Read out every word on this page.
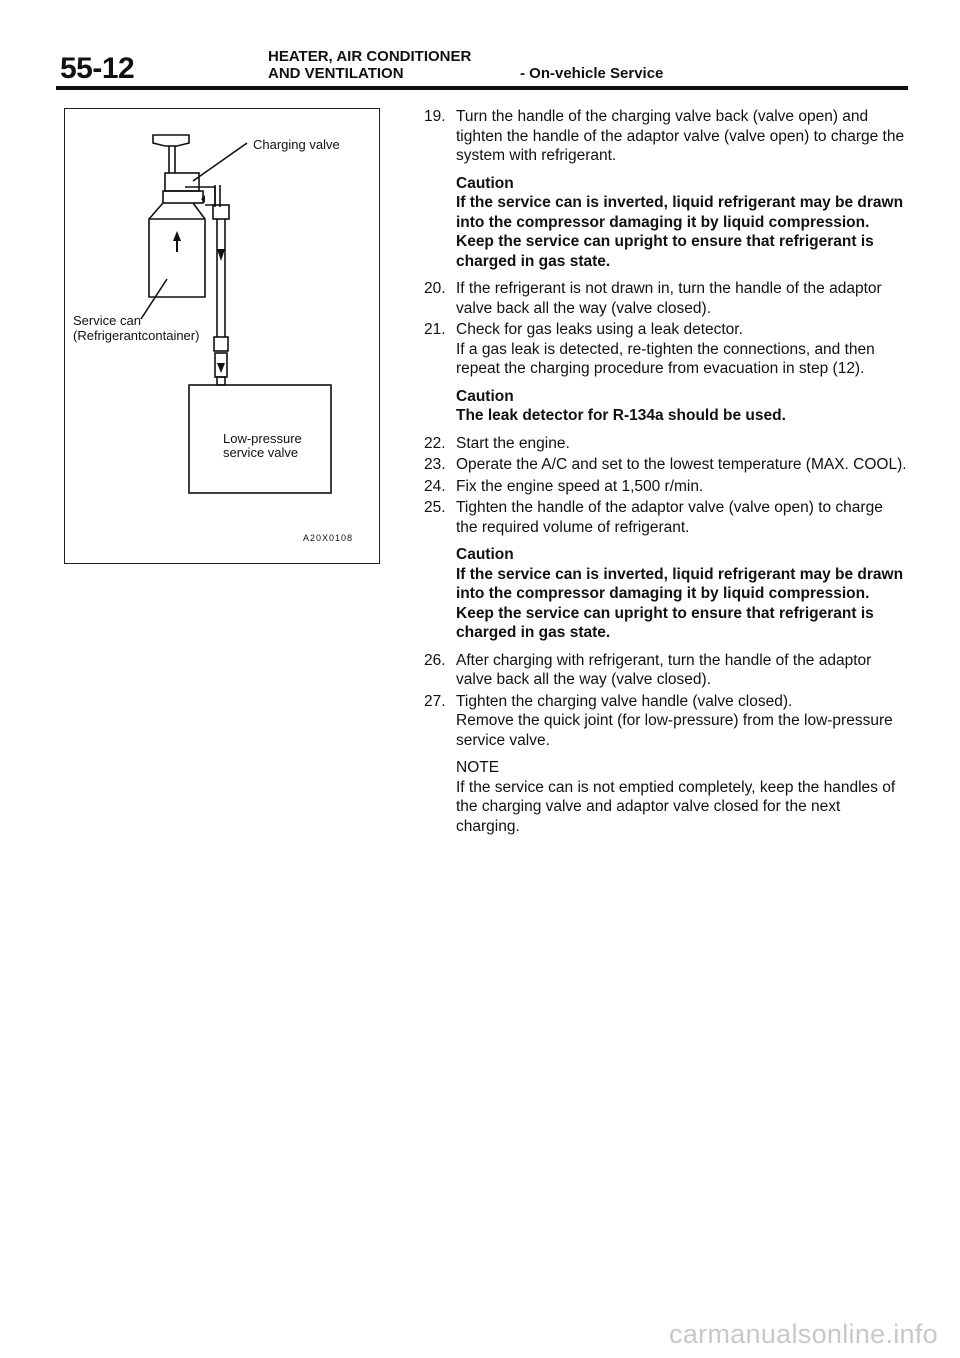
55-12	HEATER, AIR CONDITIONER
AND VENTILATION	- On-vehicle Service
Charging valve
Service can
(Refrigerantcontainer)
Low-pressure
service valve
A20X0108
19. Turn the handle of the charging valve back (valve open) and tighten the handle of the adaptor valve (valve open) to charge the system with refrigerant.
Caution
If the service can is inverted, liquid refrigerant may be drawn into the compressor damaging it by liquid compression. Keep the service can upright to ensure that refrigerant is charged in gas state.
20. If the refrigerant is not drawn in, turn the handle of the adaptor valve back all the way (valve closed).
21. Check for gas leaks using a leak detector.
If a gas leak is detected, re-tighten the connections, and then repeat the charging procedure from evacuation in step (12).
Caution
The leak detector for R-134a should be used.
22. Start the engine.
23. Operate the A/C and set to the lowest temperature (MAX. COOL).
24. Fix the engine speed at 1,500 r/min.
25. Tighten the handle of the adaptor valve (valve open) to charge the required volume of refrigerant.
Caution
If the service can is inverted, liquid refrigerant may be drawn into the compressor damaging it by liquid compression. Keep the service can upright to ensure that refrigerant is charged in gas state.
26. After charging with refrigerant, turn the handle of the adaptor valve back all the way (valve closed).
27. Tighten the charging valve handle (valve closed).
Remove the quick joint (for low-pressure) from the low-pressure service valve.
NOTE
If the service can is not emptied completely, keep the handles of the charging valve and adaptor valve closed for the next charging.
carmanualsonline.info
